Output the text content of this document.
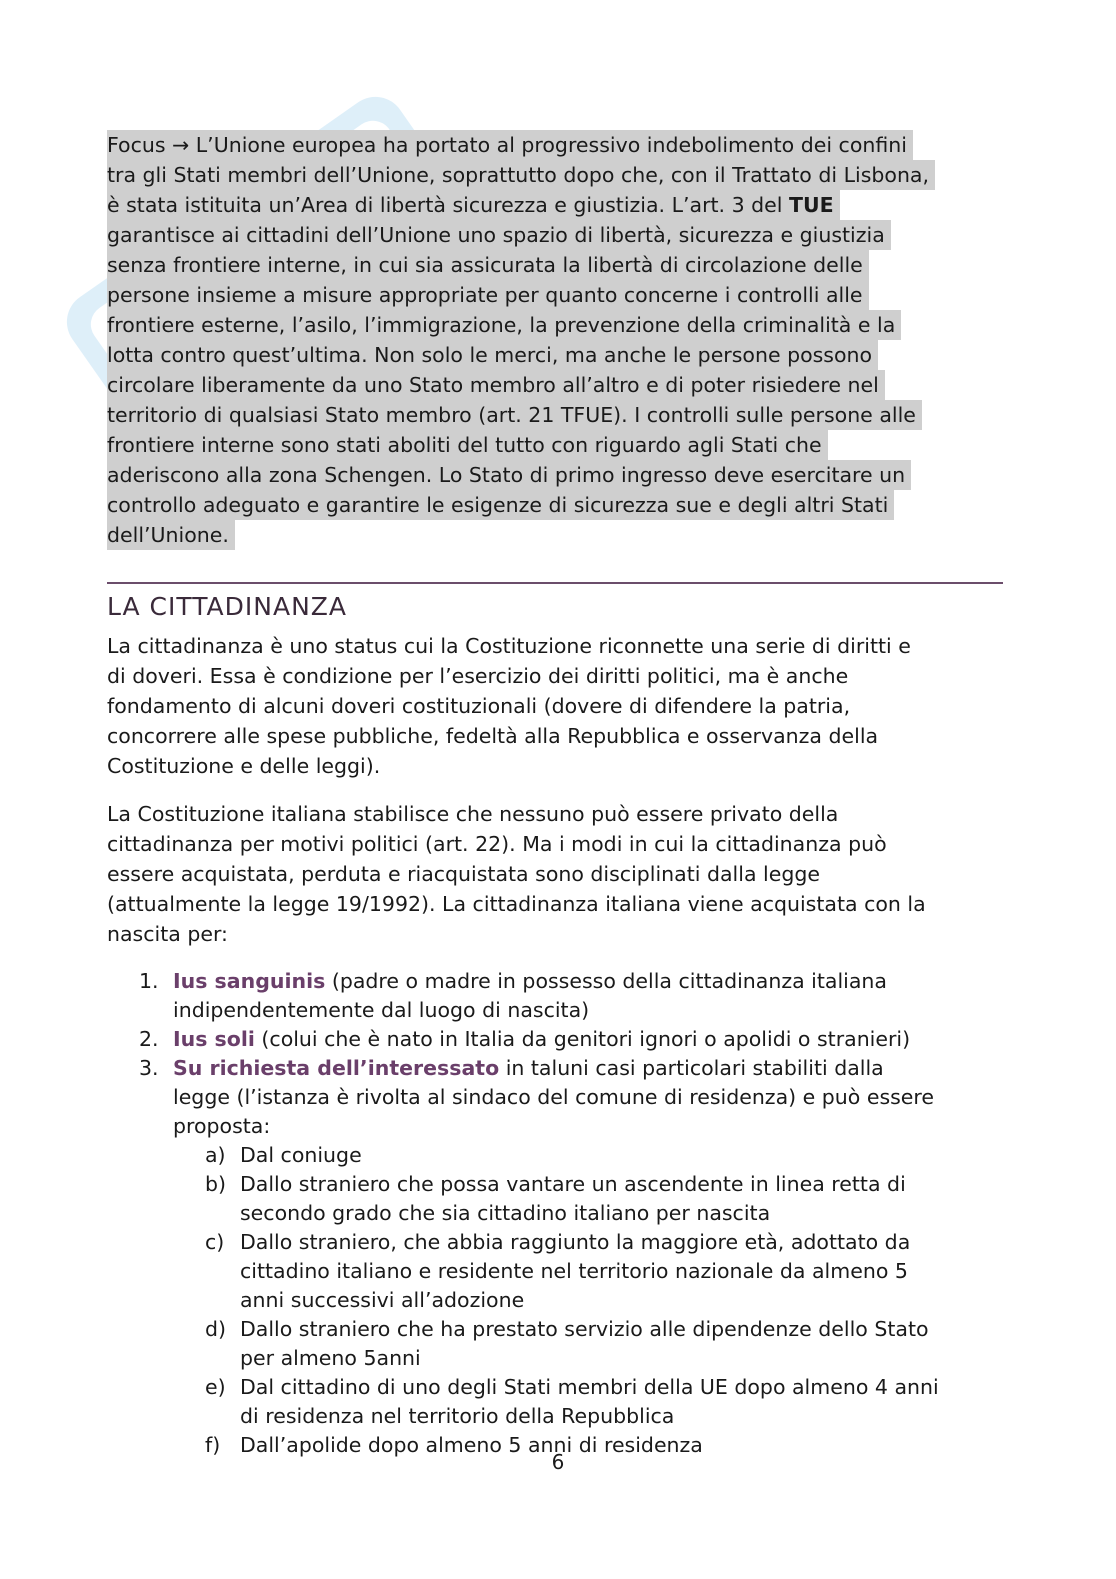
Focus → L’Unione europea ha portato al progressivo indebolimento dei confini
tra gli Stati membri dell’Unione, soprattutto dopo che, con il Trattato di Lisbona,
è stata istituita un’Area di libertà sicurezza e giustizia. L’art. 3 del TUE
garantisce ai cittadini dell’Unione uno spazio di libertà, sicurezza e giustizia
senza frontiere interne, in cui sia assicurata la libertà di circolazione delle
persone insieme a misure appropriate per quanto concerne i controlli alle
frontiere esterne, l’asilo, l’immigrazione, la prevenzione della criminalità e la
lotta contro quest’ultima. Non solo le merci, ma anche le persone possono
circolare liberamente da uno Stato membro all’altro e di poter risiedere nel
territorio di qualsiasi Stato membro (art. 21 TFUE). I controlli sulle persone alle
frontiere interne sono stati aboliti del tutto con riguardo agli Stati che
aderiscono alla zona Schengen. Lo Stato di primo ingresso deve esercitare un
controllo adeguato e garantire le esigenze di sicurezza sue e degli altri Stati
dell’Unione.
LA CITTADINANZA

La cittadinanza è uno status cui la Costituzione riconnette una serie di diritti e
di doveri. Essa è condizione per l’esercizio dei diritti politici, ma è anche
fondamento di alcuni doveri costituzionali (dovere di difendere la patria,
concorrere alle spese pubbliche, fedeltà alla Repubblica e osservanza della
Costituzione e delle leggi).

La Costituzione italiana stabilisce che nessuno può essere privato della
cittadinanza per motivi politici (art. 22). Ma i modi in cui la cittadinanza può
essere acquistata, perduta e riacquistata sono disciplinati dalla legge
(attualmente la legge 19/1992). La cittadinanza italiana viene acquistata con la
nascita per:

1. Ius sanguinis (padre o madre in possesso della cittadinanza italiana
indipendentemente dal luogo di nascita)
2. Ius soli (colui che è nato in Italia da genitori ignori o apolidi o stranieri)
3. Su richiesta dell’interessato in taluni casi particolari stabiliti dalla
legge (l’istanza è rivolta al sindaco del comune di residenza) e può essere
proposta:
a) Dal coniuge
b) Dallo straniero che possa vantare un ascendente in linea retta di
secondo grado che sia cittadino italiano per nascita
c) Dallo straniero, che abbia raggiunto la maggiore età, adottato da
cittadino italiano e residente nel territorio nazionale da almeno 5
anni successivi all’adozione
d) Dallo straniero che ha prestato servizio alle dipendenze dello Stato
per almeno 5anni
e) Dal cittadino di uno degli Stati membri della UE dopo almeno 4 anni
di residenza nel territorio della Repubblica
f) Dall’apolide dopo almeno 5 anni di residenza
6
